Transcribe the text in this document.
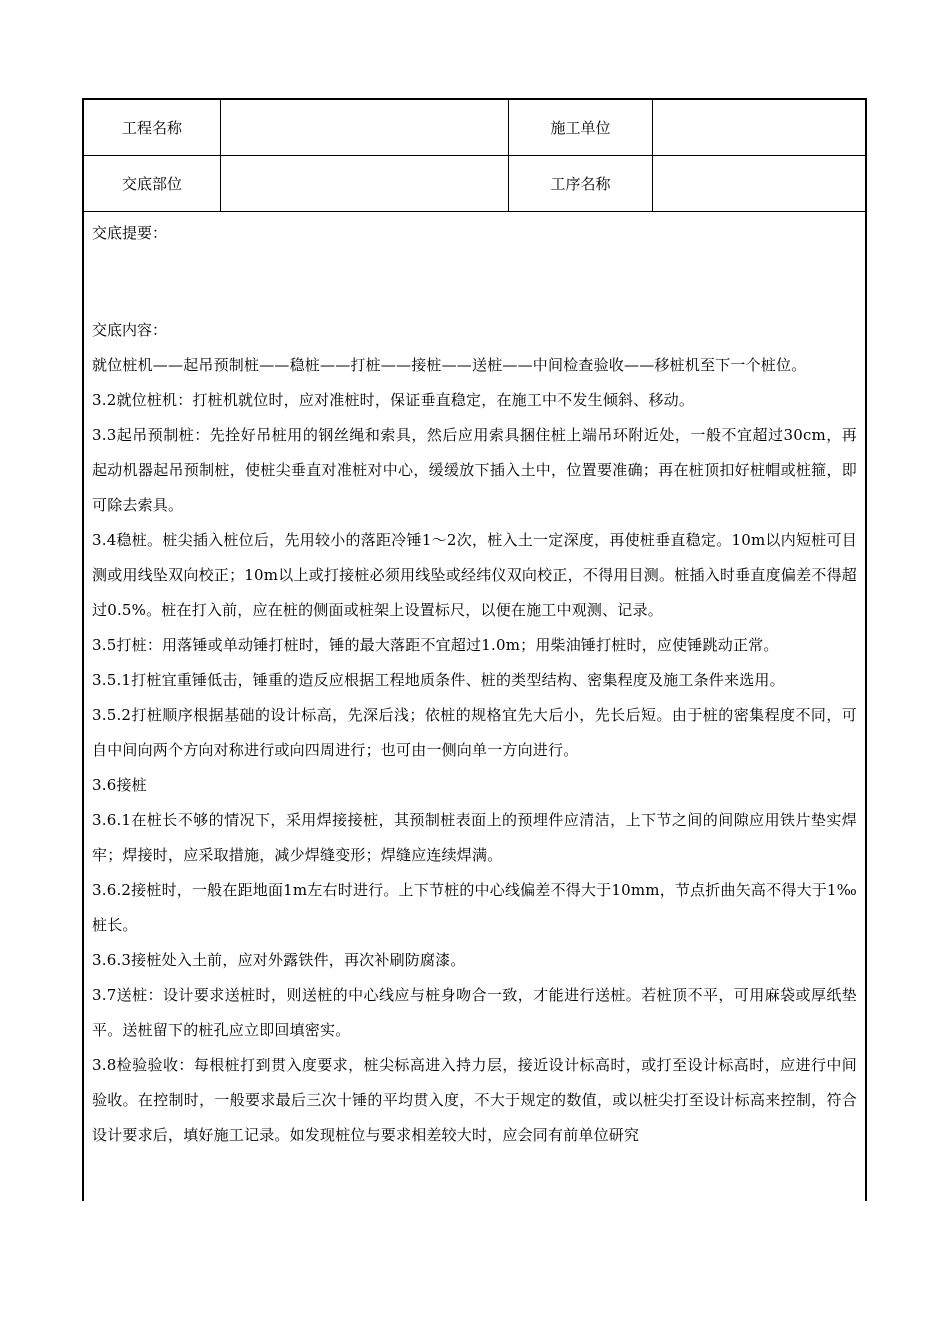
工程名称	施工单位
交底部位	工序名称
交底提要：
交底内容：
就位桩机——起吊预制桩——稳桩——打桩——接桩——送桩——中间检查验收——移桩机至下一个桩位。
3.2就位桩机：打桩机就位时，应对准桩时，保证垂直稳定，在施工中不发生倾斜、移动。
3.3起吊预制桩：先拴好吊桩用的钢丝绳和索具，然后应用索具捆住桩上端吊环附近处，一般不宜超过30cm，再起动机器起吊预制桩，使桩尖垂直对准桩对中心，缓缓放下插入土中，位置要准确；再在桩顶扣好桩帽或桩箍，即可除去索具。
3.4稳桩。桩尖插入桩位后，先用较小的落距冷锤1～2次，桩入土一定深度，再使桩垂直稳定。10m以内短桩可目测或用线坠双向校正；10m以上或打接桩必须用线坠或经纬仪双向校正，不得用目测。桩插入时垂直度偏差不得超过0.5%。桩在打入前，应在桩的侧面或桩架上设置标尺，以便在施工中观测、记录。
3.5打桩：用落锤或单动锤打桩时，锤的最大落距不宜超过1.0m；用柴油锤打桩时，应使锤跳动正常。
3.5.1打桩宜重锤低击，锤重的造反应根据工程地质条件、桩的类型结构、密集程度及施工条件来选用。
3.5.2打桩顺序根据基础的设计标高，先深后浅；依桩的规格宜先大后小，先长后短。由于桩的密集程度不同，可自中间向两个方向对称进行或向四周进行；也可由一侧向单一方向进行。
3.6接桩
3.6.1在桩长不够的情况下，采用焊接接桩，其预制桩表面上的预埋件应清洁，上下节之间的间隙应用铁片垫实焊牢；焊接时，应采取措施，减少焊缝变形；焊缝应连续焊满。
3.6.2接桩时，一般在距地面1m左右时进行。上下节桩的中心线偏差不得大于10mm，节点折曲矢高不得大于1‰桩长。
3.6.3接桩处入土前，应对外露铁件，再次补刷防腐漆。
3.7送桩：设计要求送桩时，则送桩的中心线应与桩身吻合一致，才能进行送桩。若桩顶不平，可用麻袋或厚纸垫平。送桩留下的桩孔应立即回填密实。
3.8检验验收：每根桩打到贯入度要求，桩尖标高进入持力层，接近设计标高时，或打至设计标高时，应进行中间验收。在控制时，一般要求最后三次十锤的平均贯入度，不大于规定的数值，或以桩尖打至设计标高来控制，符合设计要求后，填好施工记录。如发现桩位与要求相差较大时，应会同有前单位研究
